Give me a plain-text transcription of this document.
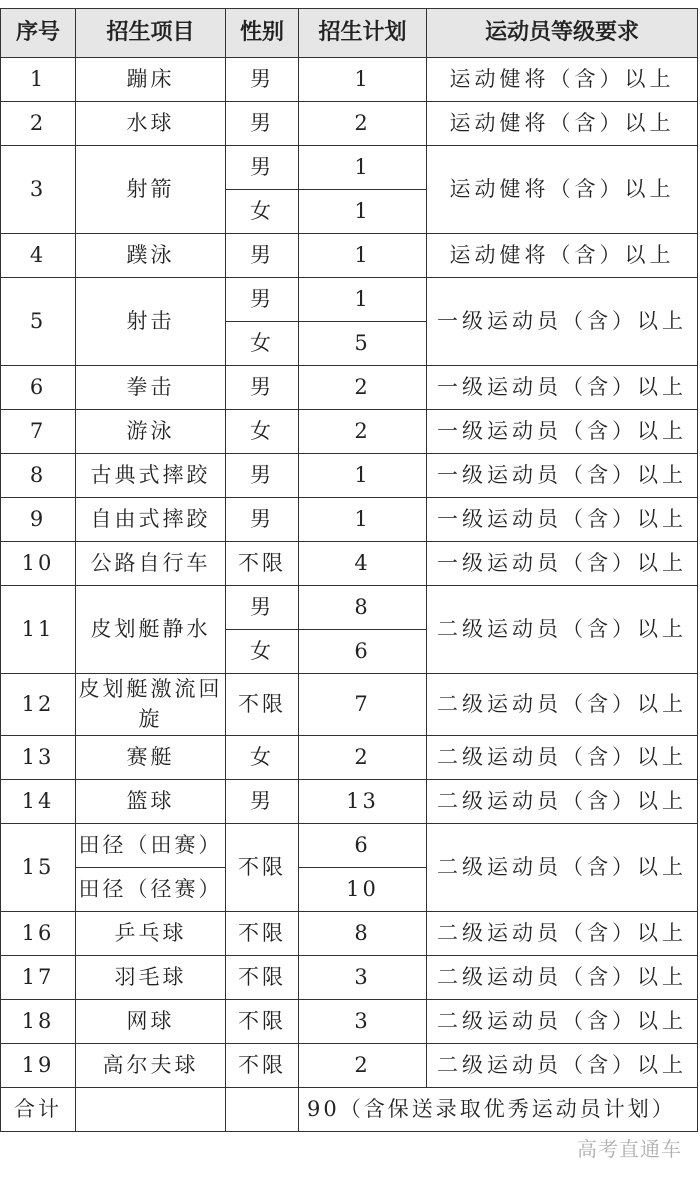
序号	招生项目	性别	招生计划	运动员等级要求
1	蹦床	男	1	运动健将（含）以上
2	水球	男	2	运动健将（含）以上
3	射箭	男	1	运动健将（含）以上
		女	1	
4	蹼泳	男	1	运动健将（含）以上
5	射击	男	1	一级运动员（含）以上
		女	5	
6	拳击	男	2	一级运动员（含）以上
7	游泳	女	2	一级运动员（含）以上
8	古典式摔跤	男	1	一级运动员（含）以上
9	自由式摔跤	男	1	一级运动员（含）以上
10	公路自行车	不限	4	一级运动员（含）以上
11	皮划艇静水	男	8	二级运动员（含）以上
		女	6	
12	皮划艇激流回旋	不限	7	二级运动员（含）以上
13	赛艇	女	2	二级运动员（含）以上
14	篮球	男	13	二级运动员（含）以上
15	田径（田赛）	不限	6	二级运动员（含）以上
	田径（径赛）		10	
16	乒乓球	不限	8	二级运动员（含）以上
17	羽毛球	不限	3	二级运动员（含）以上
18	网球	不限	3	二级运动员（含）以上
19	高尔夫球	不限	2	二级运动员（含）以上
合计			90（含保送录取优秀运动员计划）	
高考直通车
